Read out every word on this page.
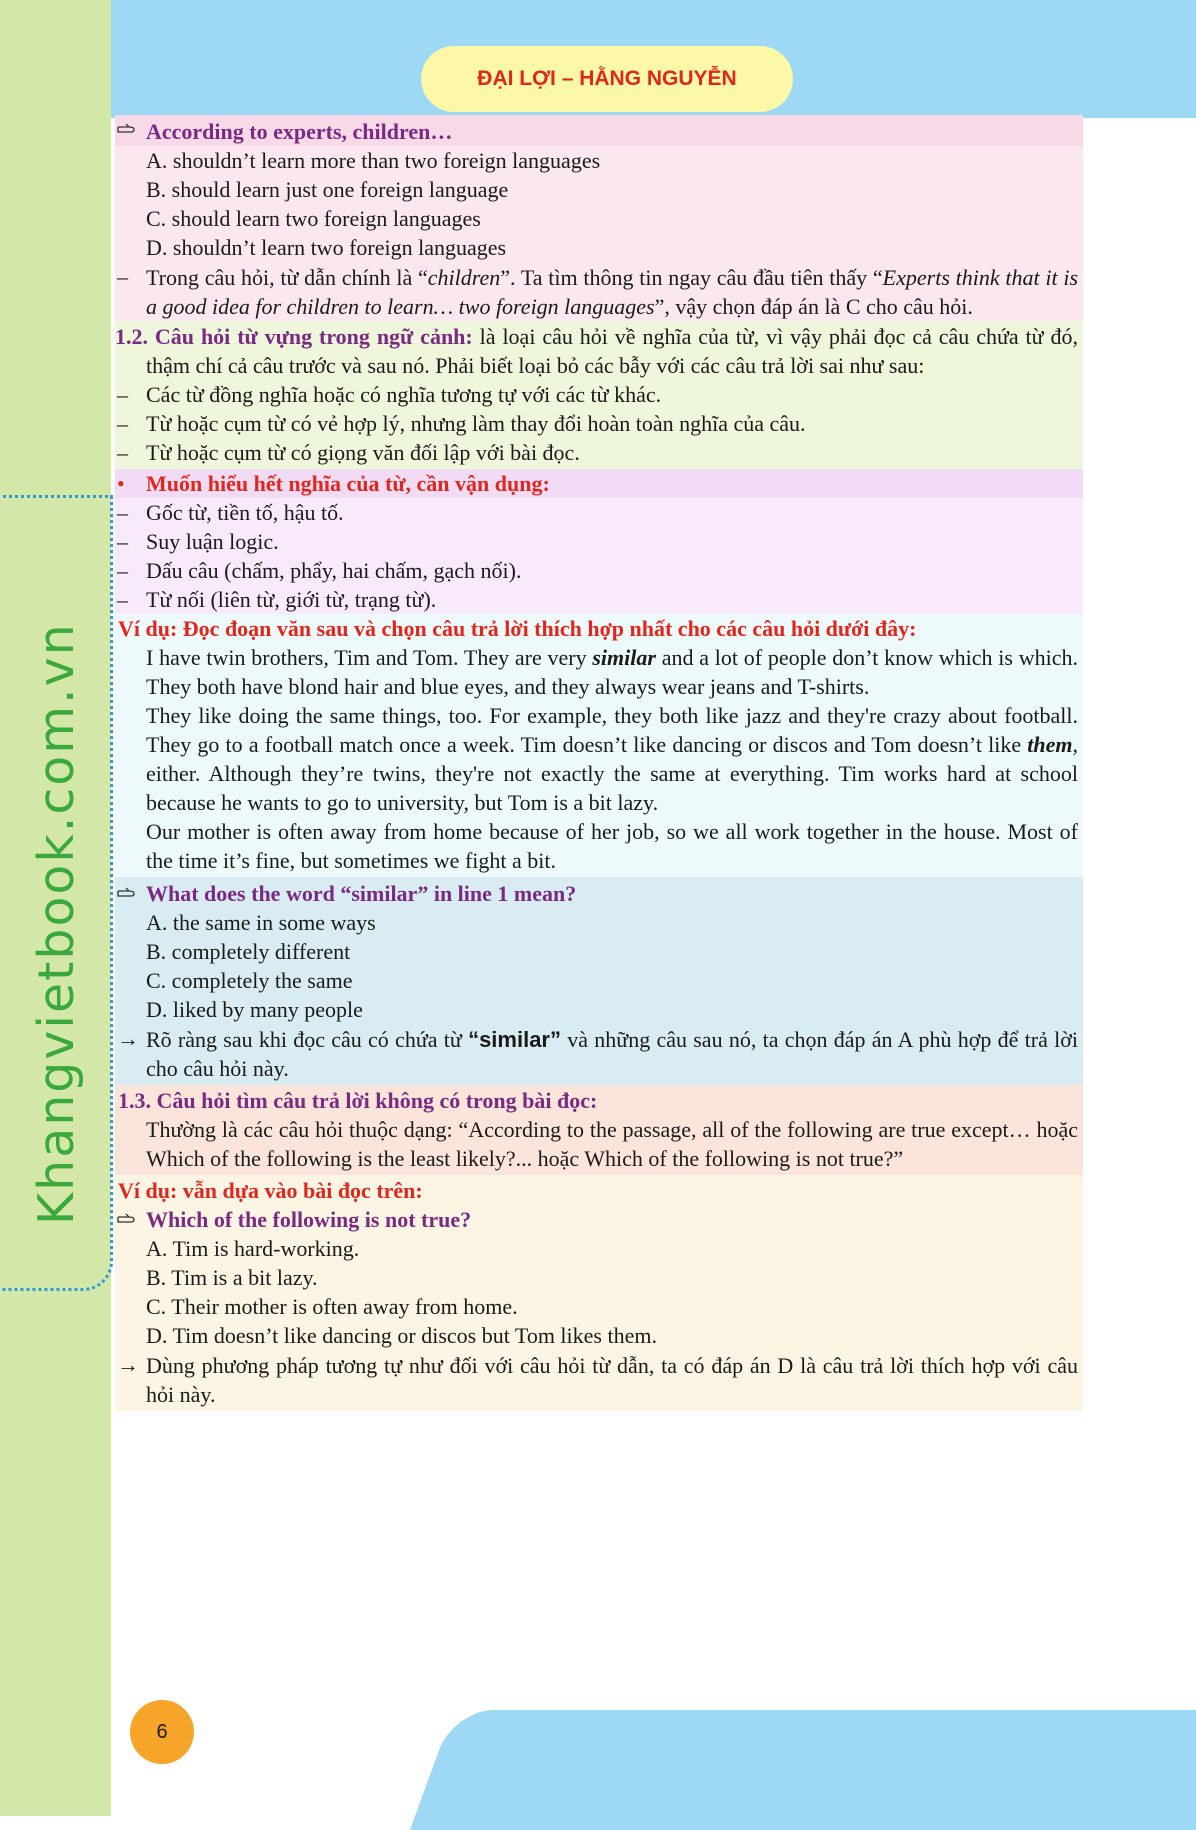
ĐẠI LỢI – HẰNG NGUYỄN
Khangvietbook.com.vn
According to experts, children…
A. shouldn’t learn more than two foreign languages
B. should learn just one foreign language
C. should learn two foreign languages
D. shouldn’t learn two foreign languages
– Trong câu hỏi, từ dẫn chính là “children”. Ta tìm thông tin ngay câu đầu tiên thấy “Experts think that it is a good idea for children to learn… two foreign languages”, vậy chọn đáp án là C cho câu hỏi.
1.2. Câu hỏi từ vựng trong ngữ cảnh: là loại câu hỏi về nghĩa của từ, vì vậy phải đọc cả câu chứa từ đó, thậm chí cả câu trước và sau nó. Phải biết loại bỏ các bẫy với các câu trả lời sai như sau:
– Các từ đồng nghĩa hoặc có nghĩa tương tự với các từ khác.
– Từ hoặc cụm từ có vẻ hợp lý, nhưng làm thay đổi hoàn toàn nghĩa của câu.
– Từ hoặc cụm từ có giọng văn đối lập với bài đọc.
• Muốn hiểu hết nghĩa của từ, cần vận dụng:
– Gốc từ, tiền tố, hậu tố.
– Suy luận logic.
– Dấu câu (chấm, phẩy, hai chấm, gạch nối).
– Từ nối (liên từ, giới từ, trạng từ).
Ví dụ: Đọc đoạn văn sau và chọn câu trả lời thích hợp nhất cho các câu hỏi dưới đây:
I have twin brothers, Tim and Tom. They are very similar and a lot of people don’t know which is which. They both have blond hair and blue eyes, and they always wear jeans and T-shirts.
They like doing the same things, too. For example, they both like jazz and they're crazy about football. They go to a football match once a week. Tim doesn’t like dancing or discos and Tom doesn’t like them, either. Although they’re twins, they're not exactly the same at everything. Tim works hard at school because he wants to go to university, but Tom is a bit lazy.
Our mother is often away from home because of her job, so we all work together in the house. Most of the time it’s fine, but sometimes we fight a bit.
What does the word “similar” in line 1 mean?
A. the same in some ways
B. completely different
C. completely the same
D. liked by many people
→ Rõ ràng sau khi đọc câu có chứa từ “similar” và những câu sau nó, ta chọn đáp án A phù hợp để trả lời cho câu hỏi này.
1.3. Câu hỏi tìm câu trả lời không có trong bài đọc:
Thường là các câu hỏi thuộc dạng: “According to the passage, all of the following are true except… hoặc Which of the following is the least likely?... hoặc Which of the following is not true?”
Ví dụ: vẫn dựa vào bài đọc trên:
Which of the following is not true?
A. Tim is hard-working.
B. Tim is a bit lazy.
C. Their mother is often away from home.
D. Tim doesn’t like dancing or discos but Tom likes them.
→ Dùng phương pháp tương tự như đối với câu hỏi từ dẫn, ta có đáp án D là câu trả lời thích hợp với câu hỏi này.
6
